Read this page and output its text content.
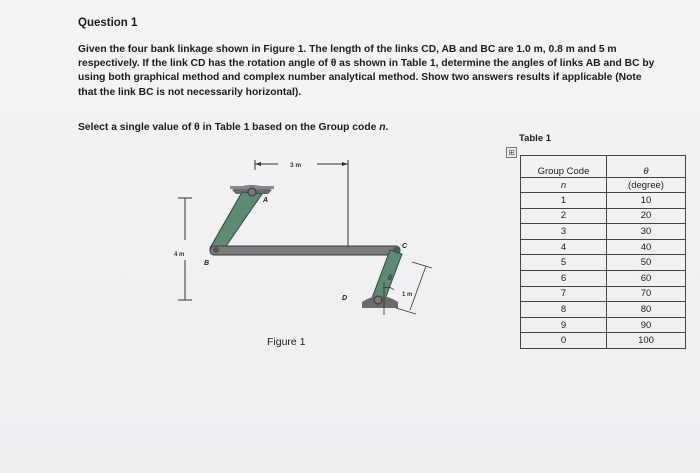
Question 1
Given the four bank linkage shown in Figure 1. The length of the links CD, AB and BC are 1.0 m, 0.8 m and 5 m respectively. If the link CD has the rotation angle of θ as shown in Table 1, determine the angles of links AB and BC by using both graphical method and complex number analytical method. Show two answers results if applicable (Note that the link BC is not necessarily horizontal).
Select a single value of θ in Table 1 based on the Group code n.
3 m
4 m
A
B
C
D
θ
1 m
Figure 1
Table 1
⊞
Group Code	θ
n	(degree)
1	10
2	20
3	30
4	40
5	50
6	60
7	70
8	80
9	90
0	100
